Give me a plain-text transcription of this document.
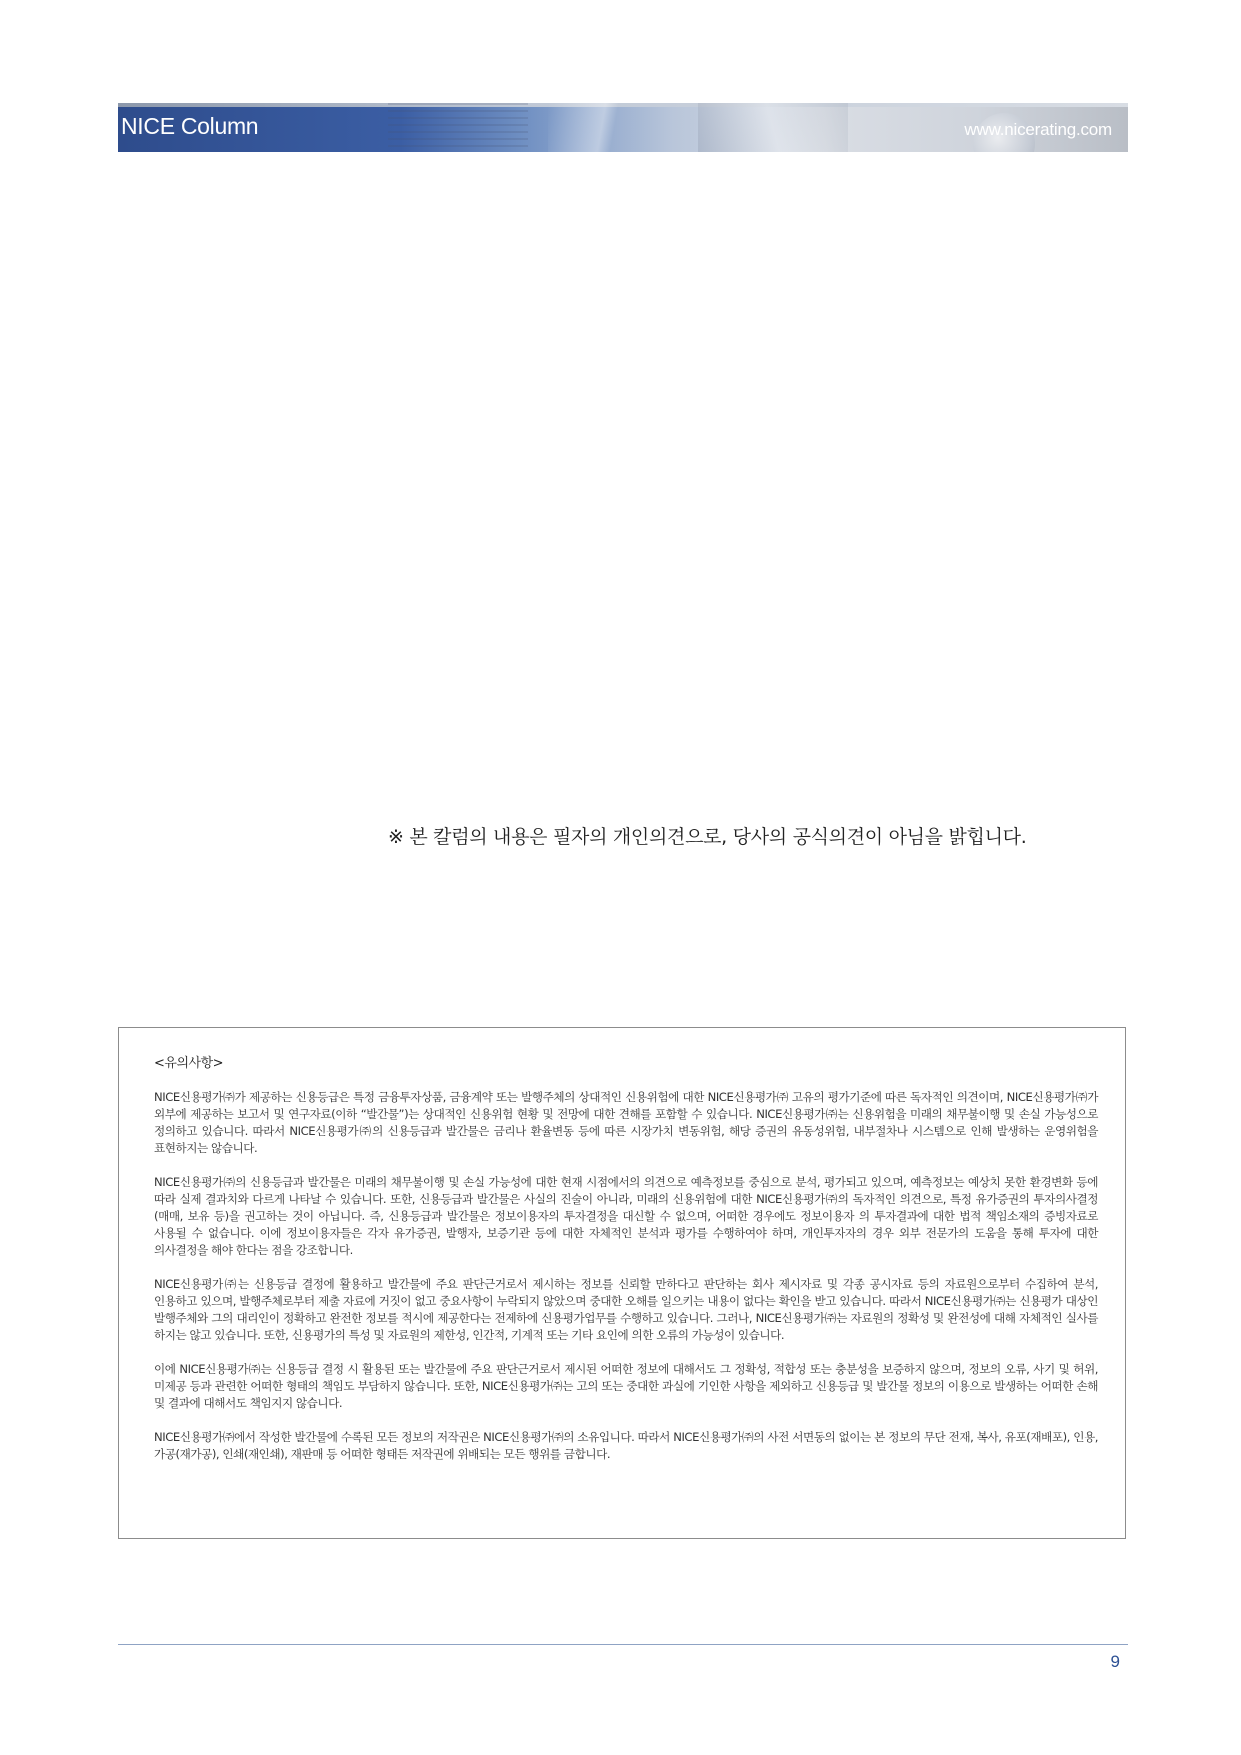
NICE Column	www.nicerating.com
※ 본 칼럼의 내용은 필자의 개인의견으로, 당사의 공식의견이 아님을 밝힙니다.
<유의사항>

NICE신용평가㈜가 제공하는 신용등급은 특정 금융투자상품, 금융계약 또는 발행주체의 상대적인 신용위험에 대한 NICE신용평가㈜ 고유의 평가기준에 따른 독자적인 의견이며, NICE신용평가㈜가 외부에 제공하는 보고서 및 연구자료(이하 “발간물”)는 상대적인 신용위험 현황 및 전망에 대한 견해를 포함할 수 있습니다. NICE신용평가㈜는 신용위험을 미래의 채무불이행 및 손실 가능성으로 정의하고 있습니다. 따라서 NICE신용평가㈜의 신용등급과 발간물은 금리나 환율변동 등에 따른 시장가치 변동위험, 해당 증권의 유동성위험, 내부절차나 시스템으로 인해 발생하는 운영위험을 표현하지는 않습니다.

NICE신용평가㈜의 신용등급과 발간물은 미래의 채무불이행 및 손실 가능성에 대한 현재 시점에서의 의견으로 예측정보를 중심으로 분석, 평가되고 있으며, 예측정보는 예상치 못한 환경변화 등에 따라 실제 결과치와 다르게 나타날 수 있습니다. 또한, 신용등급과 발간물은 사실의 진술이 아니라, 미래의 신용위험에 대한 NICE신용평가㈜의 독자적인 의견으로, 특정 유가증권의 투자의사결정(매매, 보유 등)을 권고하는 것이 아닙니다. 즉, 신용등급과 발간물은 정보이용자의 투자결정을 대신할 수 없으며, 어떠한 경우에도 정보이용자 의 투자결과에 대한 법적 책임소재의 증빙자료로 사용될 수 없습니다. 이에 정보이용자들은 각자 유가증권, 발행자, 보증기관 등에 대한 자체적인 분석과 평가를 수행하여야 하며, 개인투자자의 경우 외부 전문가의 도움을 통해 투자에 대한 의사결정을 해야 한다는 점을 강조합니다.

NICE신용평가㈜는 신용등급 결정에 활용하고 발간물에 주요 판단근거로서 제시하는 정보를 신뢰할 만하다고 판단하는 회사 제시자료 및 각종 공시자료 등의 자료원으로부터 수집하여 분석, 인용하고 있으며, 발행주체로부터 제출 자료에 거짓이 없고 중요사항이 누락되지 않았으며 중대한 오해를 일으키는 내용이 없다는 확인을 받고 있습니다. 따라서 NICE신용평가㈜는 신용평가 대상인 발행주체와 그의 대리인이 정확하고 완전한 정보를 적시에 제공한다는 전제하에 신용평가업무를 수행하고 있습니다. 그러나, NICE신용평가㈜는 자료원의 정확성 및 완전성에 대해 자체적인 실사를 하지는 않고 있습니다. 또한, 신용평가의 특성 및 자료원의 제한성, 인간적, 기계적 또는 기타 요인에 의한 오류의 가능성이 있습니다.

이에 NICE신용평가㈜는 신용등급 결정 시 활용된 또는 발간물에 주요 판단근거로서 제시된 어떠한 정보에 대해서도 그 정확성, 적합성 또는 충분성을 보증하지 않으며, 정보의 오류, 사기 및 허위, 미제공 등과 관련한 어떠한 형태의 책임도 부담하지 않습니다. 또한, NICE신용평가㈜는 고의 또는 중대한 과실에 기인한 사항을 제외하고 신용등급 및 발간물 정보의 이용으로 발생하는 어떠한 손해 및 결과에 대해서도 책임지지 않습니다.

NICE신용평가㈜에서 작성한 발간물에 수록된 모든 정보의 저작권은 NICE신용평가㈜의 소유입니다. 따라서 NICE신용평가㈜의 사전 서면동의 없이는 본 정보의 무단 전재, 복사, 유포(재배포), 인용, 가공(재가공), 인쇄(재인쇄), 재판매 등 어떠한 형태든 저작권에 위배되는 모든 행위를 금합니다.

9
